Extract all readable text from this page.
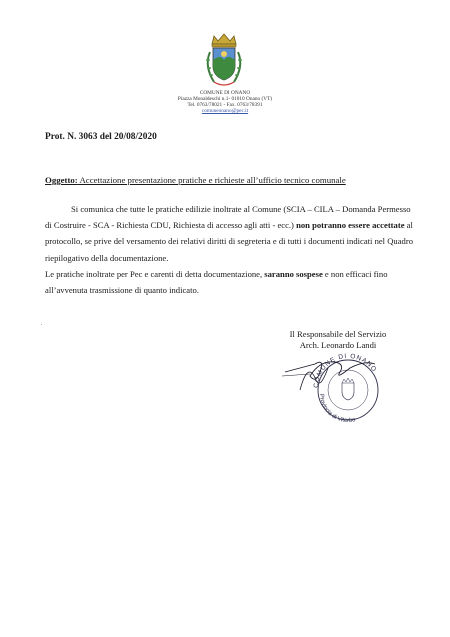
COMUNE DI ONANO
Piazza Monaldeschi n.1- 01010 Onano (VT)
Tel. 0763/78021 - Fax. 0763/78391
comuneonano@pec.it
Prot. N. 3063 del 20/08/2020
Oggetto: Accettazione presentazione pratiche e richieste all’ufficio tecnico comunale

Si comunica che tutte le pratiche edilizie inoltrate al Comune (SCIA – CILA – Domanda Permesso di Costruire - SCA - Richiesta CDU, Richiesta di accesso agli atti - ecc.) non potranno essere accettate al protocollo, se prive del versamento dei relativi diritti di segreteria e di tutti i documenti indicati nel Quadro riepilogativo della documentazione.

Le pratiche inoltrate per Pec e carenti di detta documentazione, saranno sospese e non efficaci fino all’avvenuta trasmissione di quanto indicato.

Il Responsabile del Servizio
Arch. Leonardo Landi
COMUNE DI ONANO
Provincia di Viterbo
